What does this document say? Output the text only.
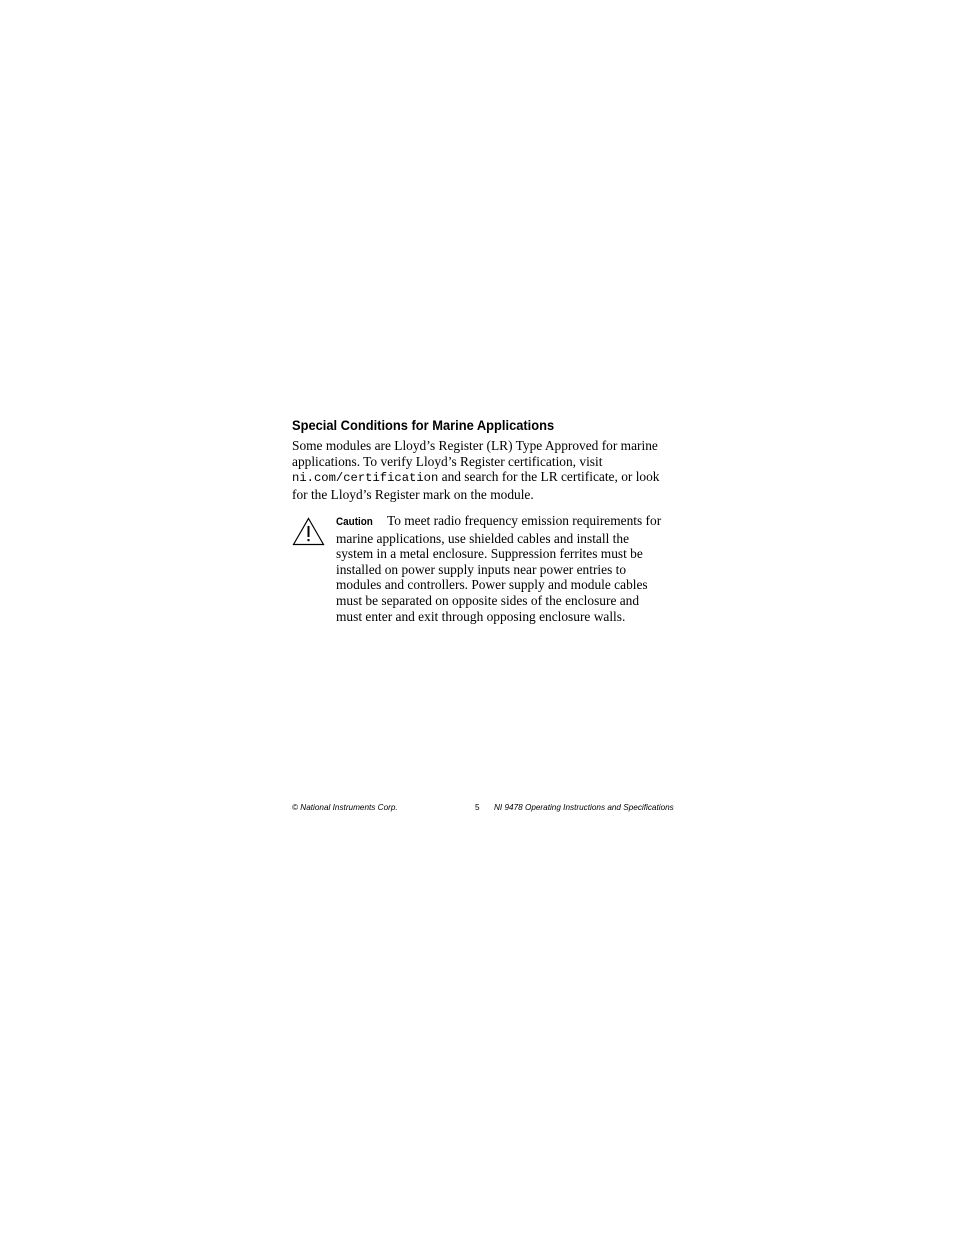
Special Conditions for Marine Applications

Some modules are Lloyd’s Register (LR) Type Approved for marine applications. To verify Lloyd’s Register certification, visit ni.com/certification and search for the LR certificate, or look for the Lloyd’s Register mark on the module.

Caution To meet radio frequency emission requirements for marine applications, use shielded cables and install the system in a metal enclosure. Suppression ferrites must be installed on power supply inputs near power entries to modules and controllers. Power supply and module cables must be separated on opposite sides of the enclosure and must enter and exit through opposing enclosure walls.
© National Instruments Corp.	5 NI 9478 Operating Instructions and Specifications
